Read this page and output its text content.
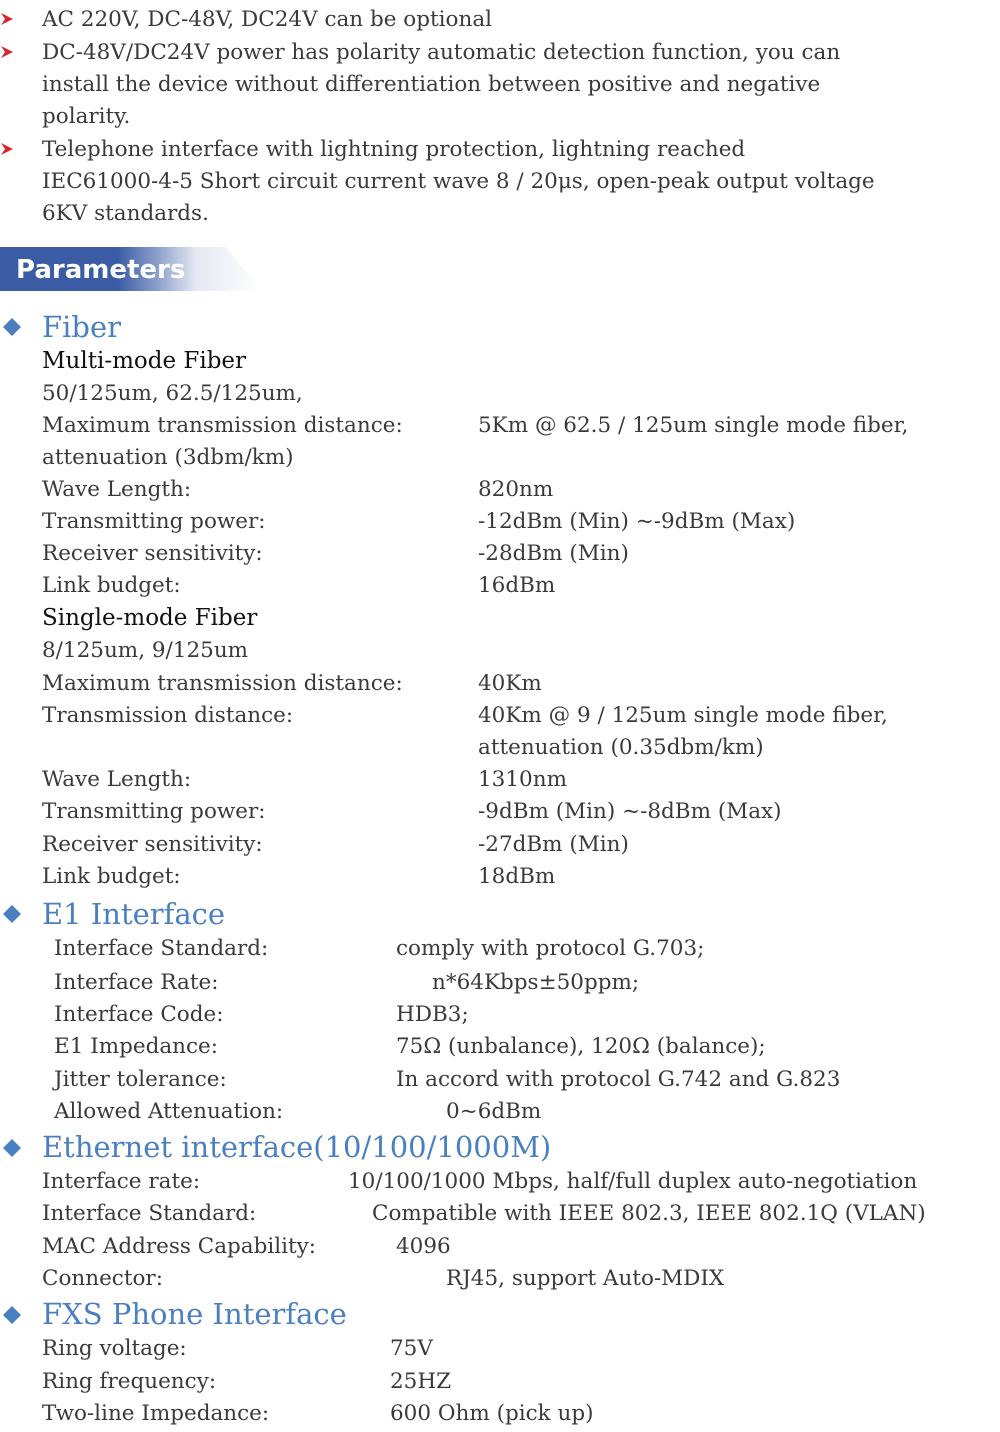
AC 220V, DC-48V, DC24V can be optional
DC-48V/DC24V power has polarity automatic detection function, you can
install the device without differentiation between positive and negative
polarity.
Telephone interface with lightning protection, lightning reached
IEC61000-4-5 Short circuit current wave 8 / 20μs, open-peak output voltage
6KV standards.
Parameters
Fiber
Multi-mode Fiber
50/125um, 62.5/125um,
Maximum transmission distance:	5Km @ 62.5 / 125um single mode fiber,
attenuation (3dbm/km)
Wave Length:	820nm
Transmitting power:	-12dBm (Min) ~-9dBm (Max)
Receiver sensitivity:	-28dBm (Min)
Link budget:	16dBm
Single-mode Fiber
8/125um, 9/125um
Maximum transmission distance:	40Km
Transmission distance:	40Km @ 9 / 125um single mode fiber,
attenuation (0.35dbm/km)
Wave Length:	1310nm
Transmitting power:	-9dBm (Min) ~-8dBm (Max)
Receiver sensitivity:	-27dBm (Min)
Link budget:	18dBm
E1 Interface
Interface Standard:	comply with protocol G.703;
Interface Rate:	n*64Kbps±50ppm;
Interface Code:	HDB3;
E1 Impedance:	75Ω (unbalance), 120Ω (balance);
Jitter tolerance:	In accord with protocol G.742 and G.823
Allowed Attenuation:	0~6dBm
Ethernet interface(10/100/1000M)
Interface rate:	10/100/1000 Mbps, half/full duplex auto-negotiation
Interface Standard:	Compatible with IEEE 802.3, IEEE 802.1Q (VLAN)
MAC Address Capability:	4096
Connector:	RJ45, support Auto-MDIX
FXS Phone Interface
Ring voltage:	75V
Ring frequency:	25HZ
Two-line Impedance:	600 Ohm (pick up)
